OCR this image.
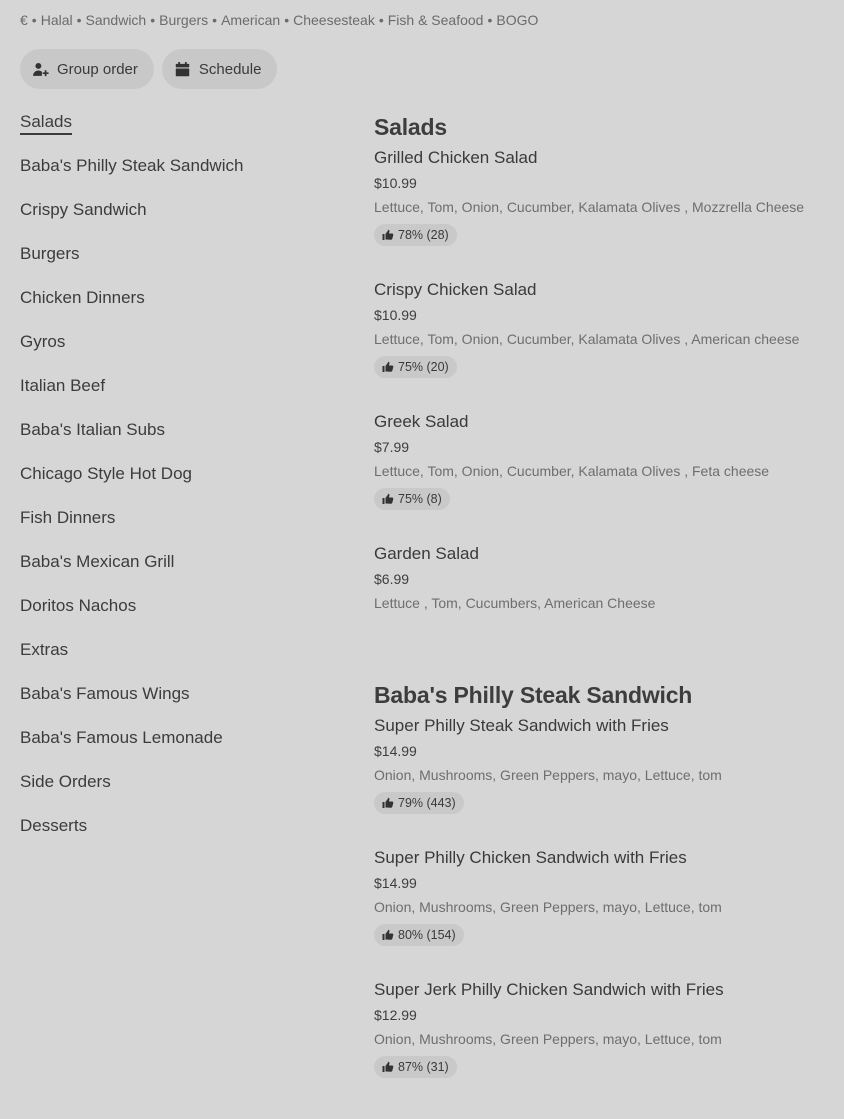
€ • Halal • Sandwich • Burgers • American • Cheesesteak • Fish & Seafood • BOGO
Group order	Schedule
Salads
Baba's Philly Steak Sandwich
Crispy Sandwich
Burgers
Chicken Dinners
Gyros
Italian Beef
Baba's Italian Subs
Chicago Style Hot Dog
Fish Dinners
Baba's Mexican Grill
Doritos Nachos
Extras
Baba's Famous Wings
Baba's Famous Lemonade
Side Orders
Desserts
Salads
Grilled Chicken Salad
$10.99
Lettuce, Tom, Onion, Cucumber, Kalamata Olives , Mozzrella Cheese
78% (28)
Crispy Chicken Salad
$10.99
Lettuce, Tom, Onion, Cucumber, Kalamata Olives , American cheese
75% (20)
Greek Salad
$7.99
Lettuce, Tom, Onion, Cucumber, Kalamata Olives , Feta cheese
75% (8)
Garden Salad
$6.99
Lettuce , Tom, Cucumbers, American Cheese
Baba's Philly Steak Sandwich
Super Philly Steak Sandwich with Fries
$14.99
Onion, Mushrooms, Green Peppers, mayo, Lettuce, tom
79% (443)
Super Philly Chicken Sandwich with Fries
$14.99
Onion, Mushrooms, Green Peppers, mayo, Lettuce, tom
80% (154)
Super Jerk Philly Chicken Sandwich with Fries
$12.99
Onion, Mushrooms, Green Peppers, mayo, Lettuce, tom
87% (31)
